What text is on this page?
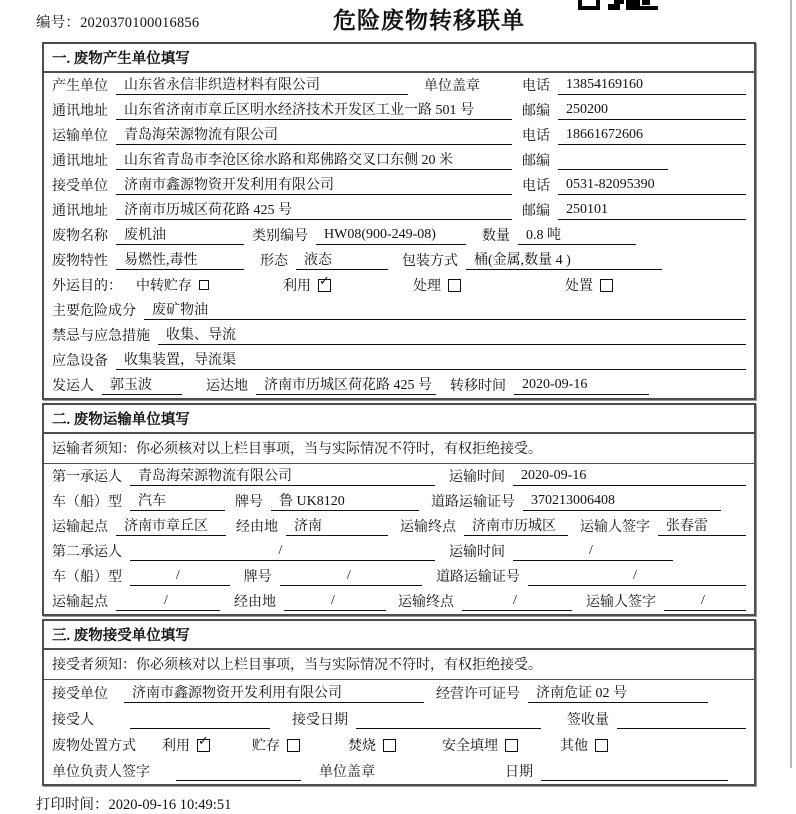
编号：2020370100016856	危险废物转移联单
一. 废物产生单位填写
产生单位	山东省永信非织造材料有限公司	单位盖章	电话	13854169160
通讯地址	山东省济南市章丘区明水经济技术开发区工业一路 501 号	邮编	250200
运输单位	青岛海荣源物流有限公司	电话	18661672606
通讯地址	山东省青岛市李沧区徐水路和郑佛路交叉口东侧 20 米	邮编
接受单位	济南市鑫源物资开发利用有限公司	电话	0531-82095390
通讯地址	济南市历城区荷花路 425 号	邮编	250101
废物名称	废机油	类别编号	HW08(900-249-08)	数量	0.8 吨
废物特性	易燃性,毒性	形态	液态	包装方式	桶(金属,数量 4 )
外运目的： 中转贮存	利用 ✓	处理	处置
主要危险成分	废矿物油
禁忌与应急措施	收集、导流
应急设备	收集装置，导流渠
发运人	郭玉波	运达地	济南市历城区荷花路 425 号 转移时间	2020-09-16
二. 废物运输单位填写
运输者须知：你必须核对以上栏目事项，当与实际情况不符时，有权拒绝接受。
第一承运人	青岛海荣源物流有限公司	运输时间	2020-09-16
车（船）型	汽车	牌号	鲁 UK8120	道路运输证号	370213006408
运输起点	济南市章丘区	经由地	济南	运输终点	济南市历城区	运输人签字	张春雷
第二承运人	/	运输时间	/
车（船）型	/	牌号	/	道路运输证号	/
运输起点	/	经由地	/	运输终点	/	运输人签字	/
三. 废物接受单位填写
接受者须知：你必须核对以上栏目事项，当与实际情况不符时，有权拒绝接受。
接受单位	济南市鑫源物资开发利用有限公司	经营许可证号	济南危证 02 号
接受人	接受日期	签收量
废物处置方式 利用 ✓	贮存	焚烧	安全填埋	其他
单位负责人签字	单位盖章	日期
打印时间：2020-09-16 10:49:51
